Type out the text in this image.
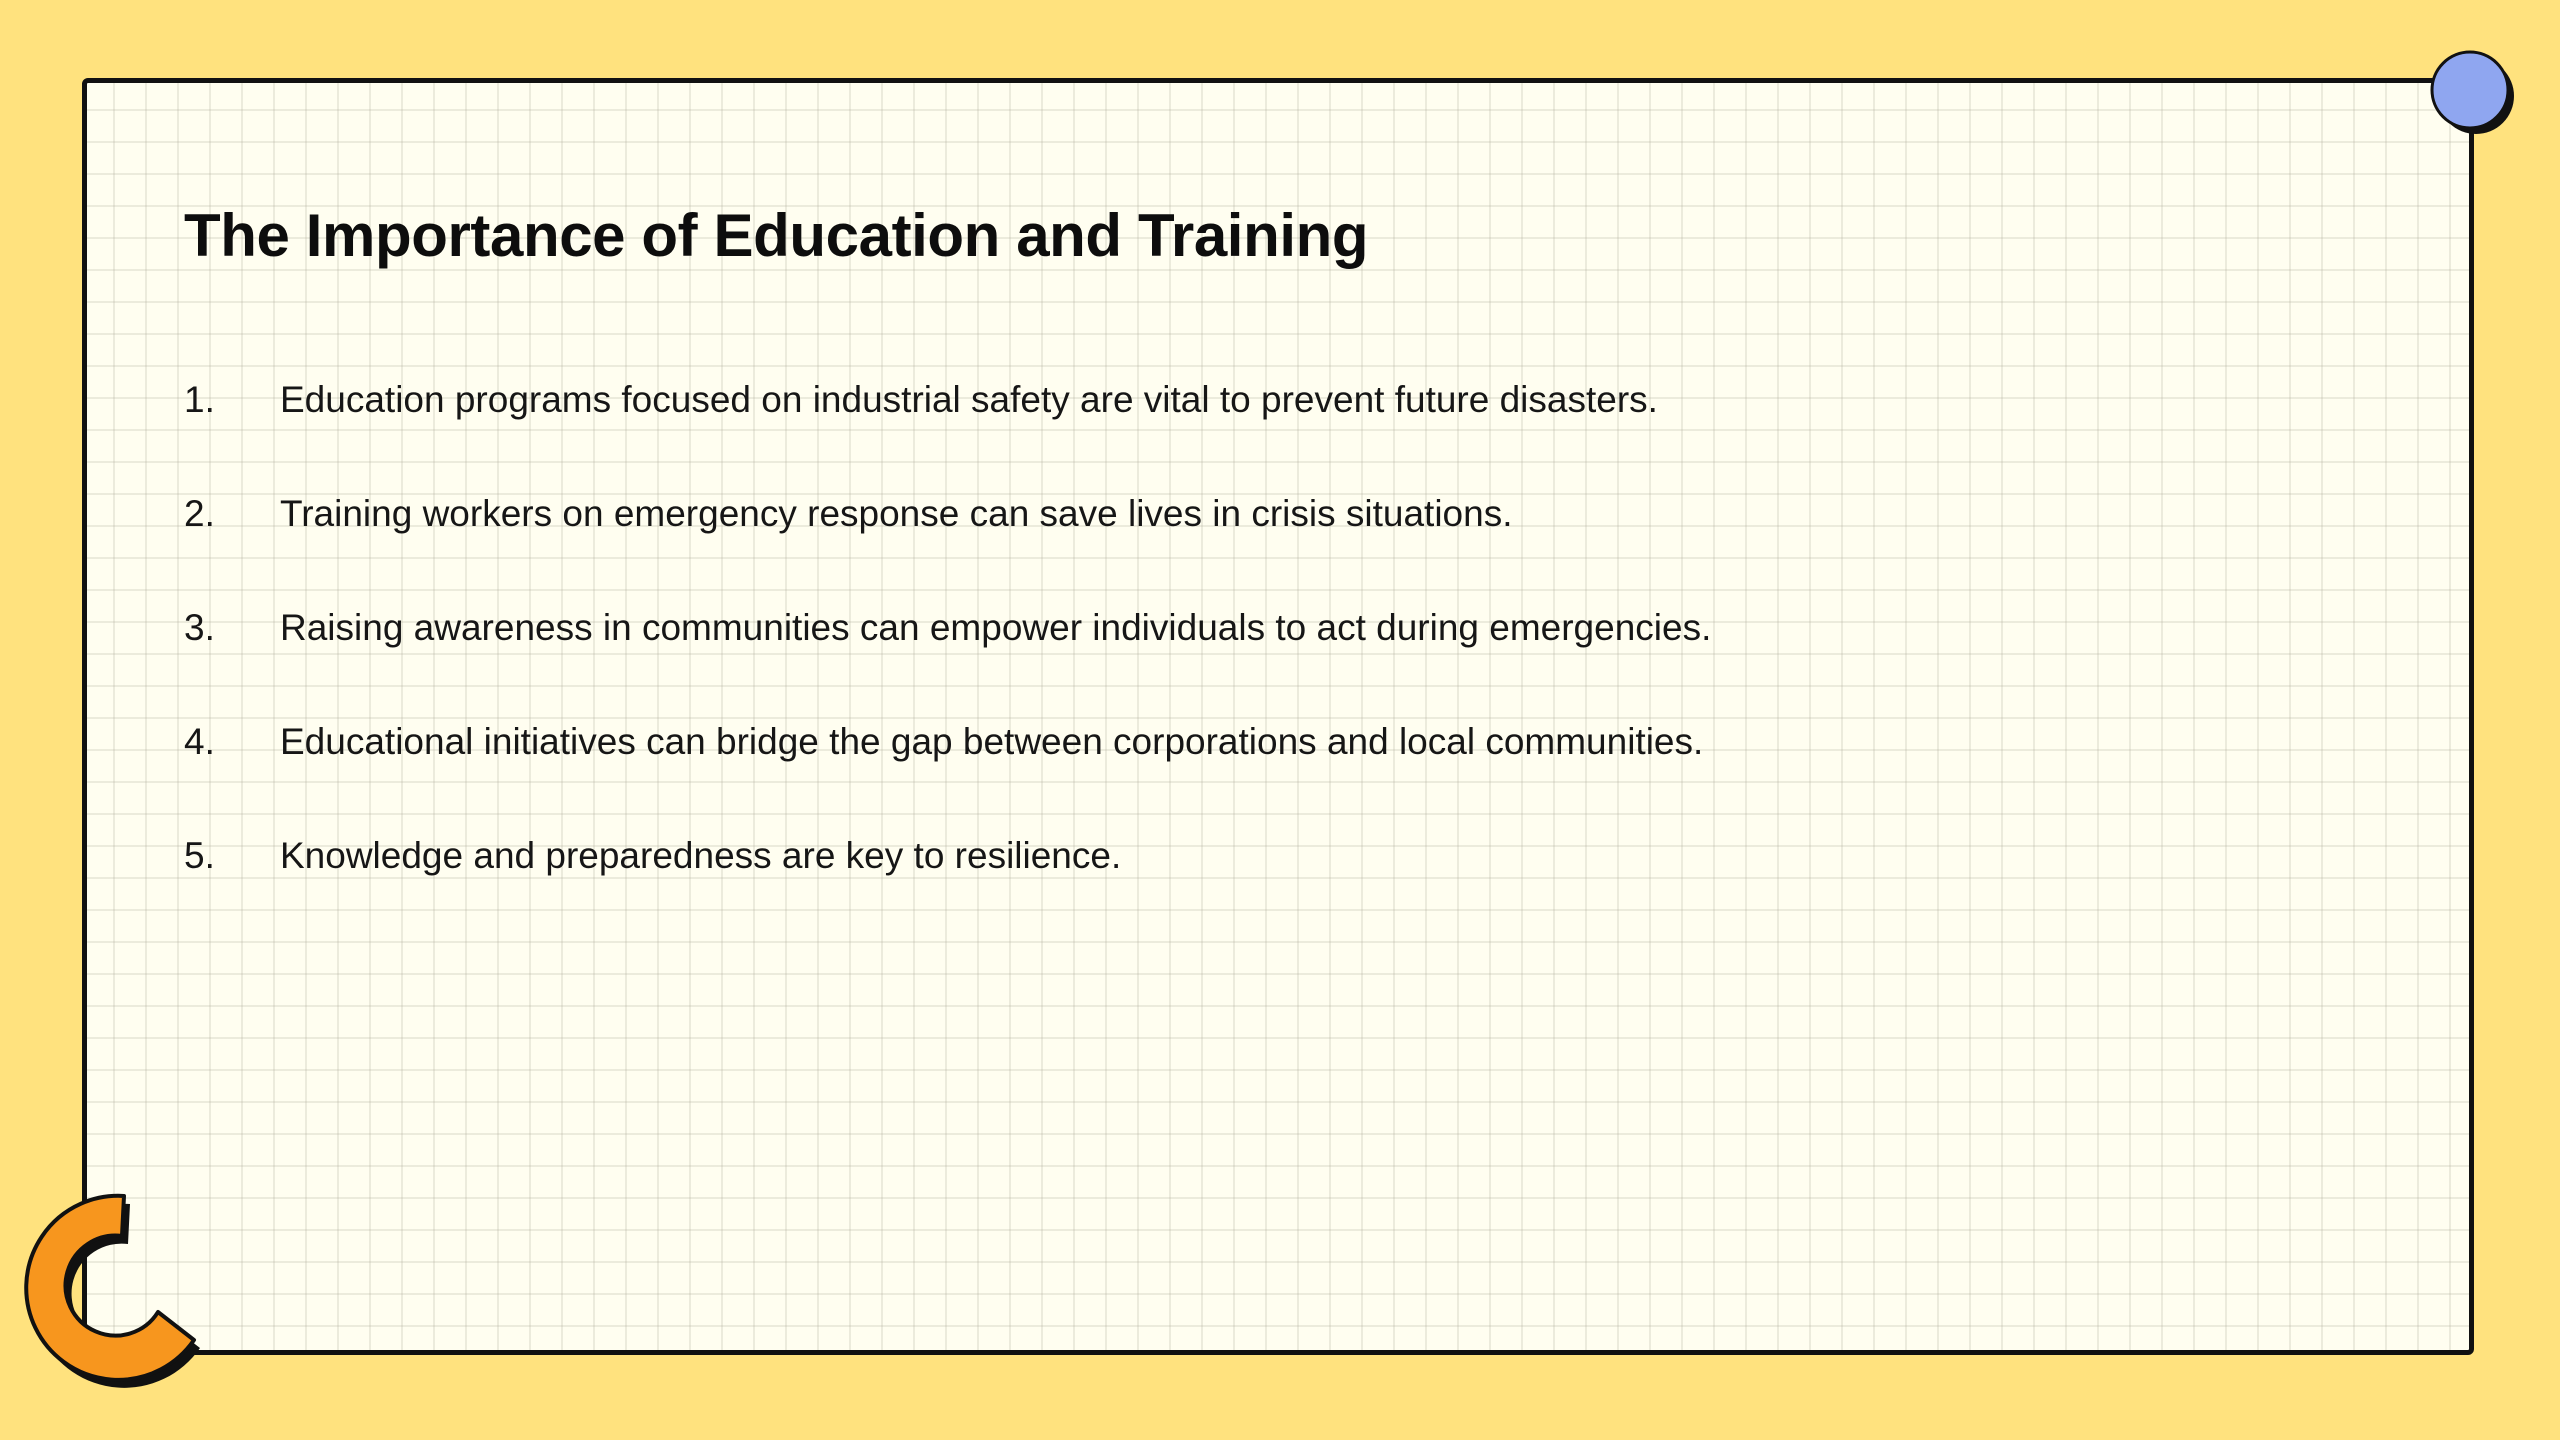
The Importance of Education and Training
1.	Education programs focused on industrial safety are vital to prevent future disasters.
2.	Training workers on emergency response can save lives in crisis situations.
3.	Raising awareness in communities can empower individuals to act during emergencies.
4.	Educational initiatives can bridge the gap between corporations and local communities.
5.	Knowledge and preparedness are key to resilience.
